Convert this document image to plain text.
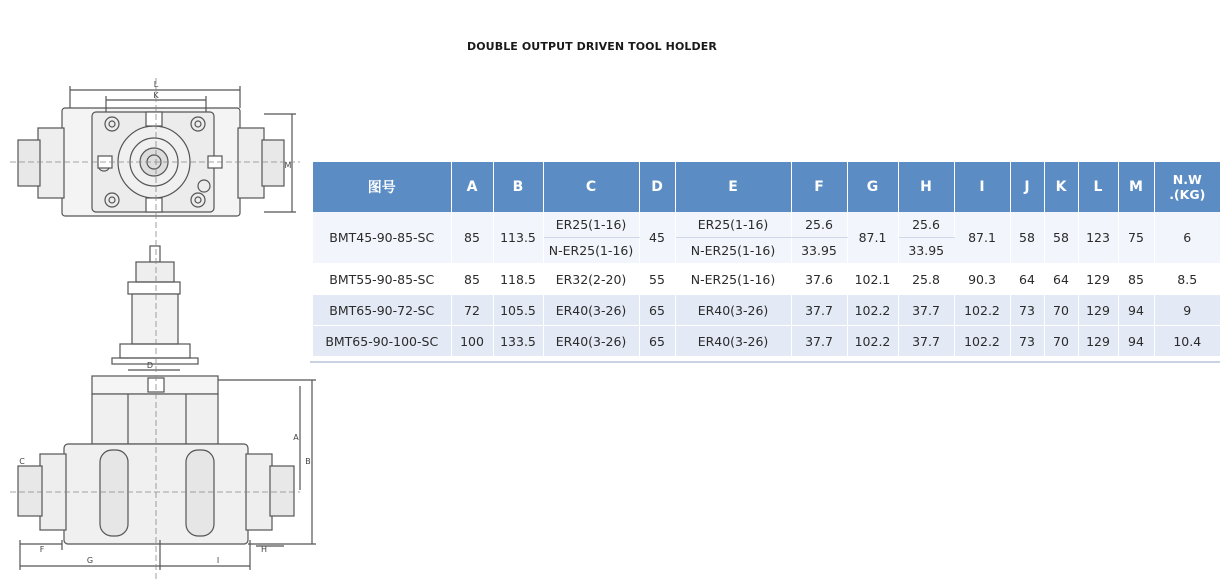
DOUBLE OUTPUT DRIVEN TOOL HOLDER
L
K
M
D
A
B
C
F
G	I
H
图号	A	B	C	D	E	F	G	H	I	J	K	L	M	N.W
.(KG)
BMT45-90-85-SC	85	113.5	ER25(1-16)	45	ER25(1-16)	25.6	87.1	25.6	87.1	58	58	123	75	6
			N-ER25(1-16)		N-ER25(1-16)	33.95		33.95						
BMT55-90-85-SC	85	118.5	ER32(2-20)	55	N-ER25(1-16)	37.6	102.1	25.8	90.3	64	64	129	85	8.5
BMT65-90-72-SC	72	105.5	ER40(3-26)	65	ER40(3-26)	37.7	102.2	37.7	102.2	73	70	129	94	9
BMT65-90-100-SC	100	133.5	ER40(3-26)	65	ER40(3-26)	37.7	102.2	37.7	102.2	73	70	129	94	10.4
